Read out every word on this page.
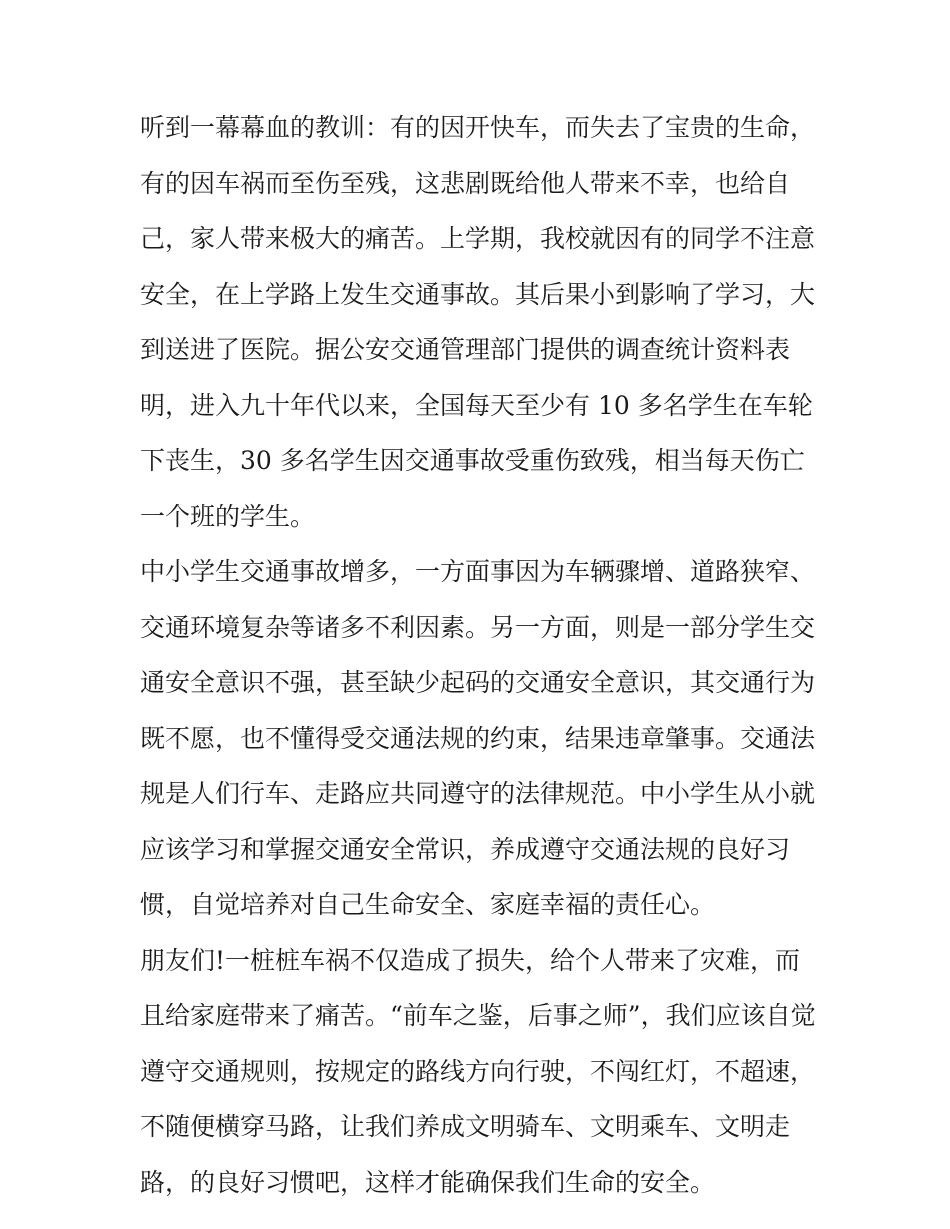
听到一幕幕血的教训：有的因开快车，而失去了宝贵的生命，
有的因车祸而至伤至残，这悲剧既给他人带来不幸，也给自
己，家人带来极大的痛苦。上学期，我校就因有的同学不注意
安全，在上学路上发生交通事故。其后果小到影响了学习，大
到送进了医院。据公安交通管理部门提供的调查统计资料表
明，进入九十年代以来，全国每天至少有 10 多名学生在车轮
下丧生，30 多名学生因交通事故受重伤致残，相当每天伤亡
一个班的学生。
中小学生交通事故增多，一方面事因为车辆骤增、道路狭窄、
交通环境复杂等诸多不利因素。另一方面，则是一部分学生交
通安全意识不强，甚至缺少起码的交通安全意识，其交通行为
既不愿，也不懂得受交通法规的约束，结果违章肇事。交通法
规是人们行车、走路应共同遵守的法律规范。中小学生从小就
应该学习和掌握交通安全常识，养成遵守交通法规的良好习
惯，自觉培养对自己生命安全、家庭幸福的责任心。
朋友们!一桩桩车祸不仅造成了损失，给个人带来了灾难，而
且给家庭带来了痛苦。“前车之鉴，后事之师”，我们应该自觉
遵守交通规则，按规定的路线方向行驶，不闯红灯，不超速，
不随便横穿马路，让我们养成文明骑车、文明乘车、文明走
路，的良好习惯吧，这样才能确保我们生命的安全。
